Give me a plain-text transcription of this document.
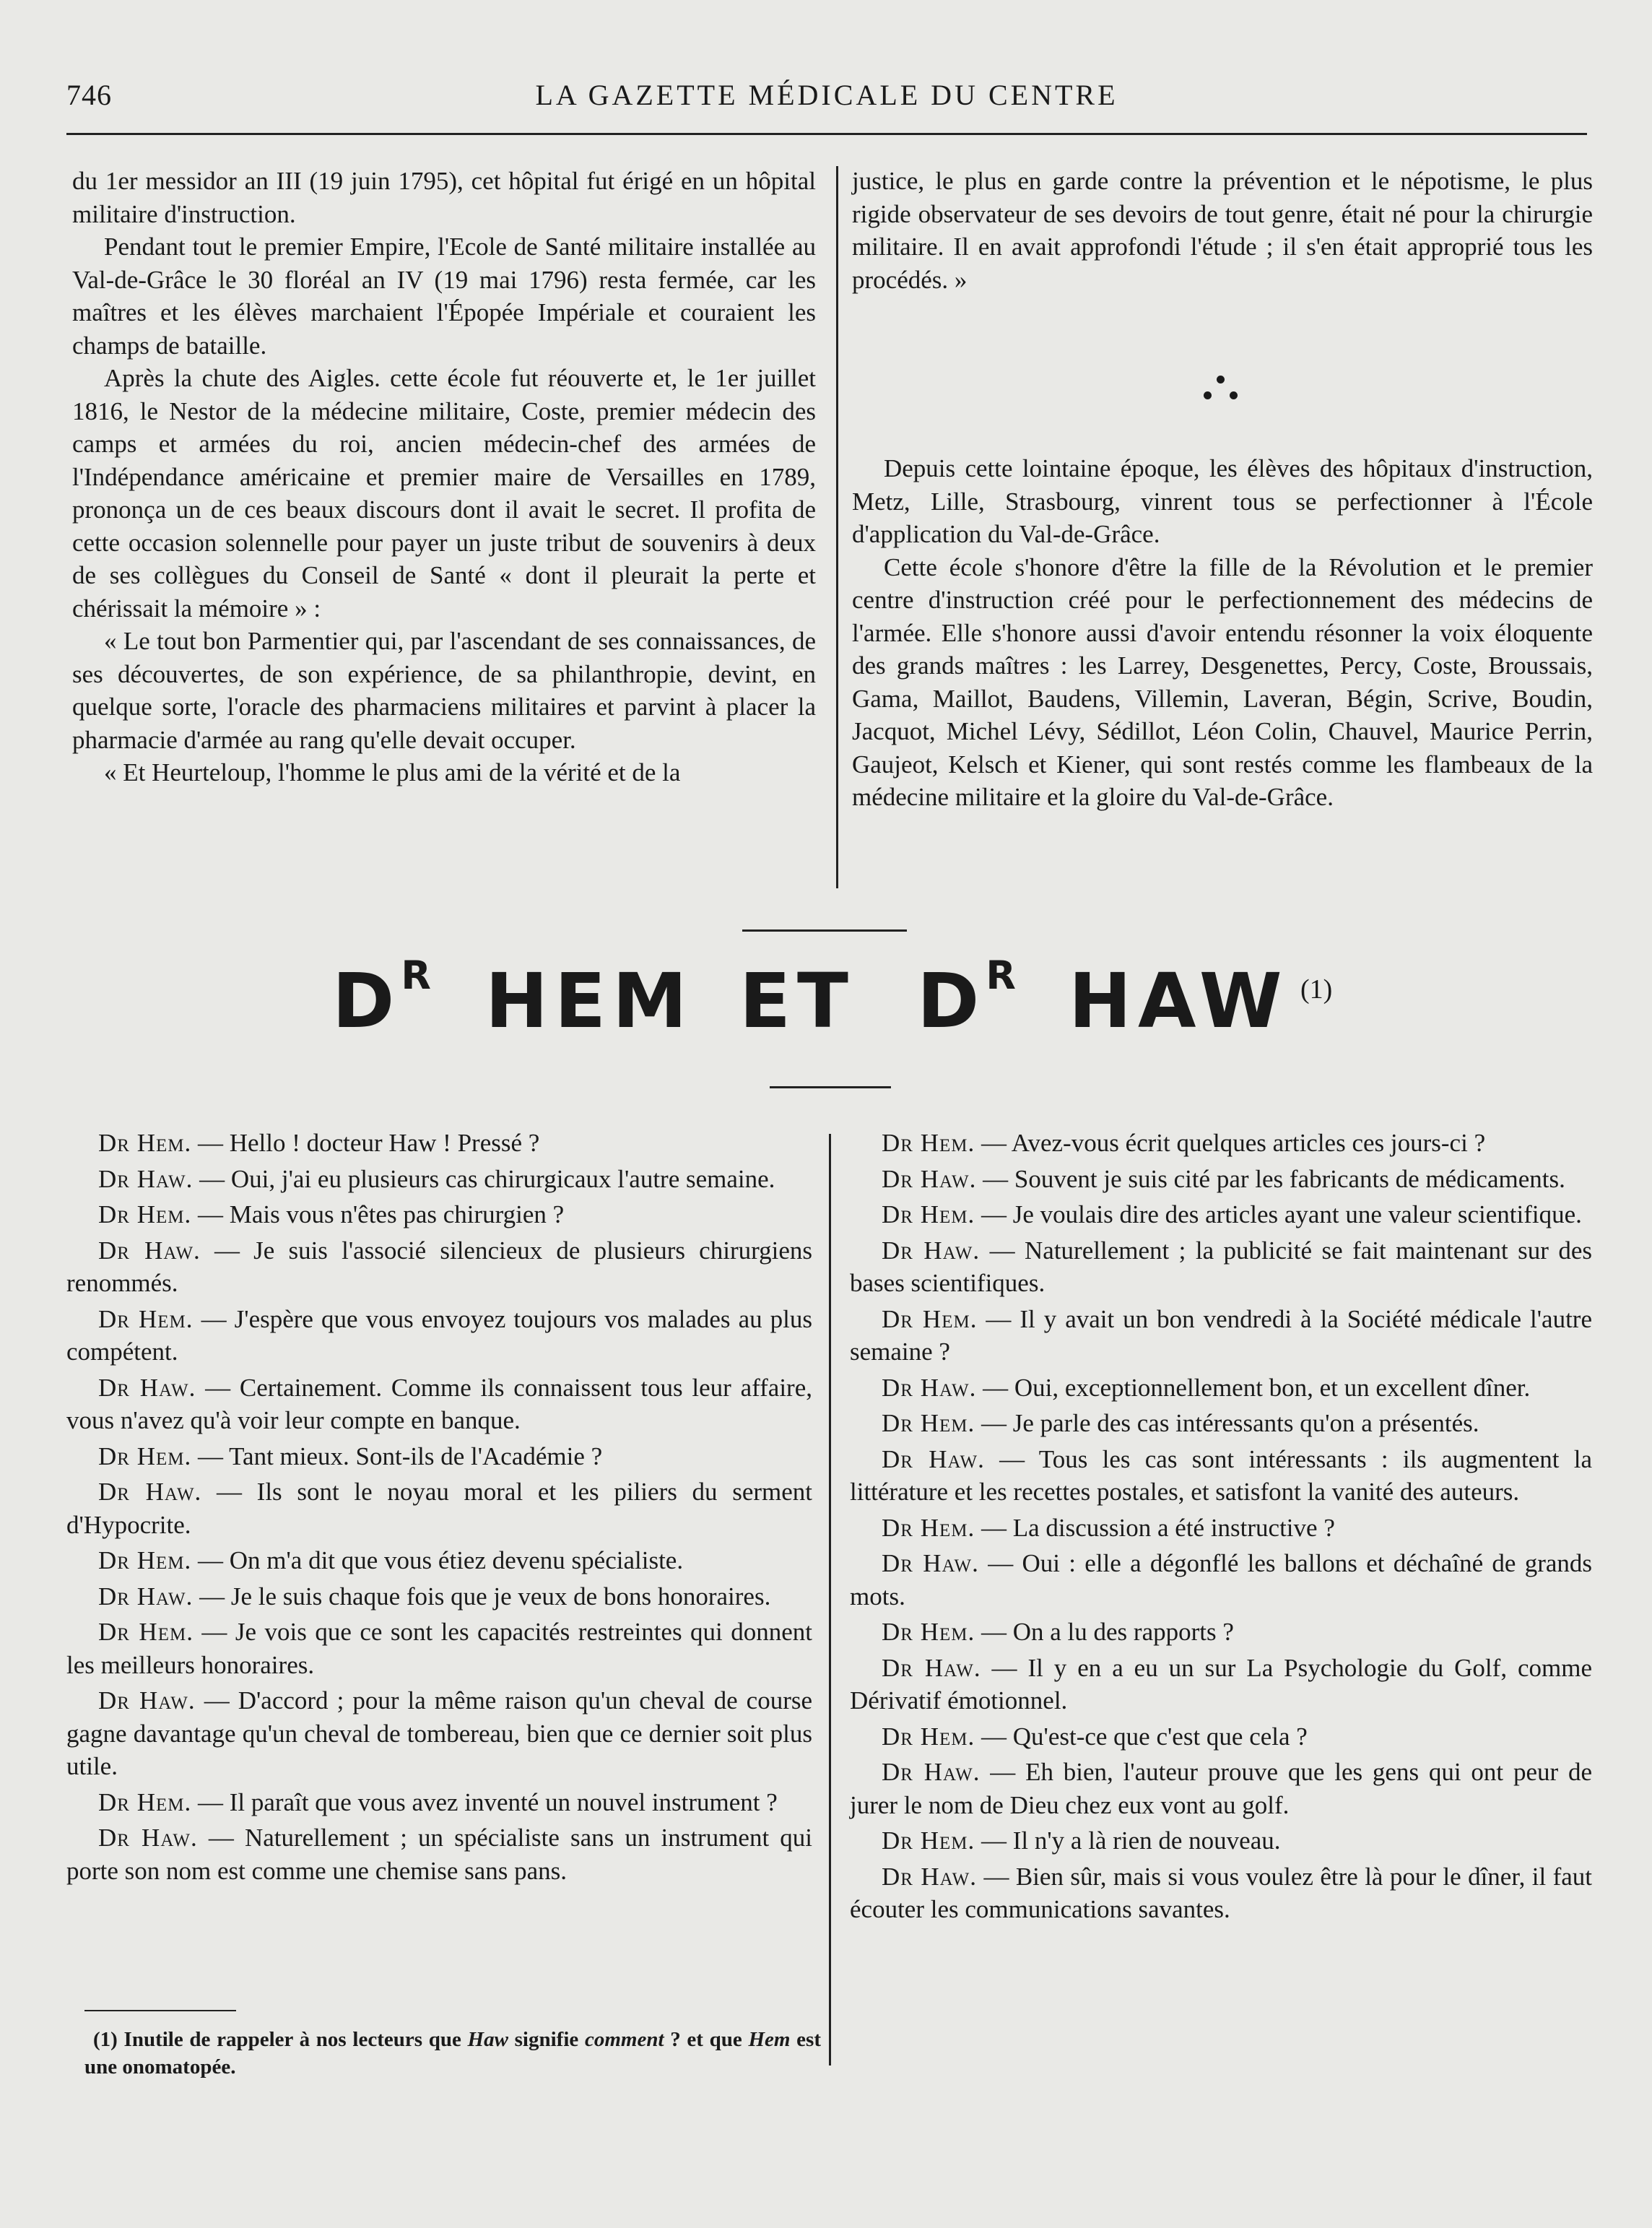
746	LA GAZETTE MÉDICALE DU CENTRE

du 1er messidor an III (19 juin 1795), cet hôpital fut érigé en un hôpital militaire d'instruction.

Pendant tout le premier Empire, l'Ecole de Santé militaire installée au Val-de-Grâce le 30 floréal an IV (19 mai 1796) resta fermée, car les maîtres et les élèves marchaient l'Épopée Impériale et couraient les champs de bataille.

Après la chute des Aigles. cette école fut réouverte et, le 1er juillet 1816, le Nestor de la médecine militaire, Coste, premier médecin des camps et armées du roi, ancien médecin-chef des armées de l'Indépendance américaine et premier maire de Versailles en 1789, prononça un de ces beaux discours dont il avait le secret. Il profita de cette occasion solennelle pour payer un juste tribut de souvenirs à deux de ses collègues du Conseil de Santé « dont il pleurait la perte et chérissait la mémoire » :

« Le tout bon Parmentier qui, par l'ascendant de ses connaissances, de ses découvertes, de son expérience, de sa philanthropie, devint, en quelque sorte, l'oracle des pharmaciens militaires et parvint à placer la pharmacie d'armée au rang qu'elle devait occuper.

« Et Heurteloup, l'homme le plus ami de la vérité et de la

justice, le plus en garde contre la prévention et le népotisme, le plus rigide observateur de ses devoirs de tout genre, était né pour la chirurgie militaire. Il en avait approfondi l'étude ; il s'en était approprié tous les procédés. »

Depuis cette lointaine époque, les élèves des hôpitaux d'instruction, Metz, Lille, Strasbourg, vinrent tous se perfectionner à l'École d'application du Val-de-Grâce.

Cette école s'honore d'être la fille de la Révolution et le premier centre d'instruction créé pour le perfectionnement des médecins de l'armée. Elle s'honore aussi d'avoir entendu résonner la voix éloquente des grands maîtres : les Larrey, Desgenettes, Percy, Coste, Broussais, Gama, Maillot, Baudens, Villemin, Laveran, Bégin, Scrive, Boudin, Jacquot, Michel Lévy, Sédillot, Léon Colin, Chauvel, Maurice Perrin, Gaujeot, Kelsch et Kiener, qui sont restés comme les flambeaux de la médecine militaire et la gloire du Val-de-Grâce.

$D^R$ HEM ET $D^R$ HAW (1)
Dr Hem. — Hello ! docteur Haw ! Pressé ?
Dr Haw. — Oui, j'ai eu plusieurs cas chirurgicaux l'autre semaine.
Dr Hem. — Mais vous n'êtes pas chirurgien ?
Dr Haw. — Je suis l'associé silencieux de plusieurs chirurgiens renommés.
Dr Hem. — J'espère que vous envoyez toujours vos malades au plus compétent.
Dr Haw. — Certainement. Comme ils connaissent tous leur affaire, vous n'avez qu'à voir leur compte en banque.
Dr Hem. — Tant mieux. Sont-ils de l'Académie ?
Dr Haw. — Ils sont le noyau moral et les piliers du serment d'Hypocrite.
Dr Hem. — On m'a dit que vous étiez devenu spécialiste.
Dr Haw. — Je le suis chaque fois que je veux de bons honoraires.
Dr Hem. — Je vois que ce sont les capacités restreintes qui donnent les meilleurs honoraires.
Dr Haw. — D'accord ; pour la même raison qu'un cheval de course gagne davantage qu'un cheval de tombereau, bien que ce dernier soit plus utile.
Dr Hem. — Il paraît que vous avez inventé un nouvel instrument ?
Dr Haw. — Naturellement ; un spécialiste sans un instrument qui porte son nom est comme une chemise sans pans.
Dr Hem. — Avez-vous écrit quelques articles ces jours-ci ?
Dr Haw. — Souvent je suis cité par les fabricants de médicaments.
Dr Hem. — Je voulais dire des articles ayant une valeur scientifique.
Dr Haw. — Naturellement ; la publicité se fait maintenant sur des bases scientifiques.
Dr Hem. — Il y avait un bon vendredi à la Société médicale l'autre semaine ?
Dr Haw. — Oui, exceptionnellement bon, et un excellent dîner.
Dr Hem. — Je parle des cas intéressants qu'on a présentés.
Dr Haw. — Tous les cas sont intéressants : ils augmentent la littérature et les recettes postales, et satisfont la vanité des auteurs.
Dr Hem. — La discussion a été instructive ?
Dr Haw. — Oui : elle a dégonflé les ballons et déchaîné de grands mots.
Dr Hem. — On a lu des rapports ?
Dr Haw. — Il y en a eu un sur La Psychologie du Golf, comme Dérivatif émotionnel.
Dr Hem. — Qu'est-ce que c'est que cela ?
Dr Haw. — Eh bien, l'auteur prouve que les gens qui ont peur de jurer le nom de Dieu chez eux vont au golf.
Dr Hem. — Il n'y a là rien de nouveau.
Dr Haw. — Bien sûr, mais si vous voulez être là pour le dîner, il faut écouter les communications savantes.
(1) Inutile de rappeler à nos lecteurs que Haw signifie comment ? et que Hem est une onomatopée.
